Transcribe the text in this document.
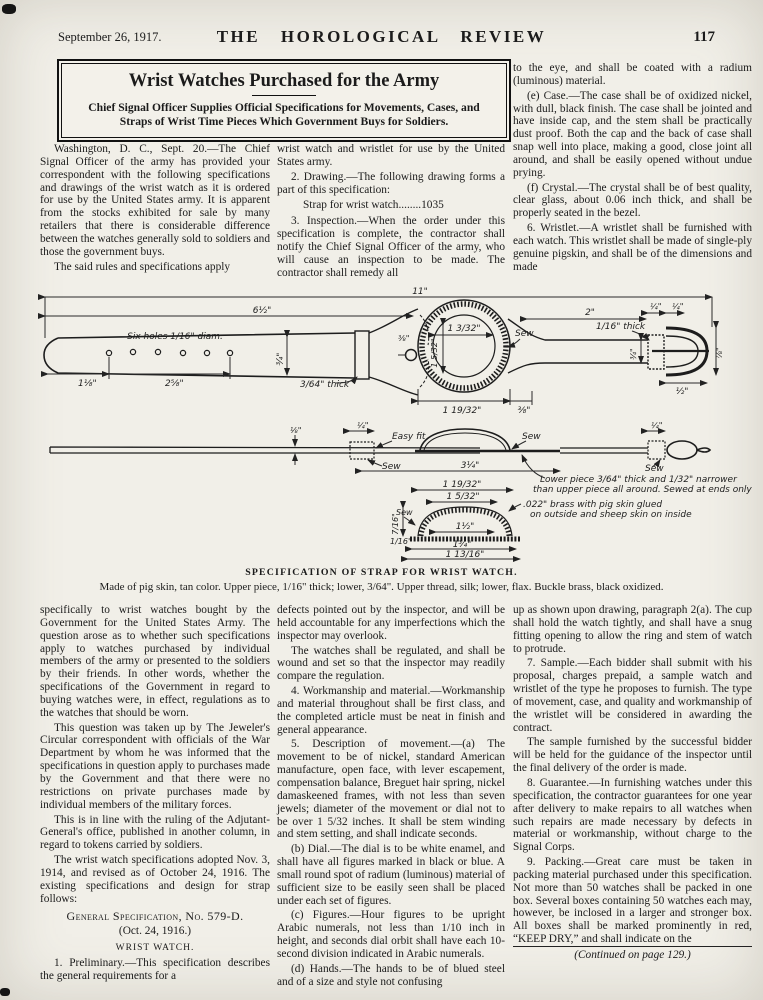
September 26, 1917.	THE HOROLOGICAL REVIEW	117
Wrist Watches Purchased for the Army
Chief Signal Officer Supplies Official Specifications for Movements, Cases, and Straps of Wrist Time Pieces Which Government Buys for Soldiers.

Washington, D. C., Sept. 20.—The Chief Signal Officer of the army has provided your correspondent with the following specifications and drawings of the wrist watch as it is ordered for use by the United States army. It is apparent from the stocks exhibited for sale by many retailers that there is considerable difference between the watches generally sold to soldiers and those the government buys.

The said rules and specifications apply

wrist watch and wristlet for use by the United States army.

2. Drawing.—The following drawing forms a part of this specification:

Strap for wrist watch........1035

3. Inspection.—When the order under this specification is complete, the contractor shall notify the Chief Signal Officer of the army, who will cause an inspection to be made. The contractor shall remedy all

to the eye, and shall be coated with a radium (luminous) material.

(e) Case.—The case shall be of oxidized nickel, with dull, black finish. The case shall be jointed and have inside cap, and the stem shall be practically dust proof. Both the cap and the back of case shall snap well into place, making a good, close joint all around, and shall be easily opened without undue prying.

(f) Crystal.—The crystal shall be of best quality, clear glass, about 0.06 inch thick, and shall be properly seated in the bezel.

6. Wristlet.—A wristlet shall be furnished with each watch. This wristlet shall be made of single-ply genuine pigskin, and shall be of the dimensions and made

11"
6½"
Six holes 1/16" diam.
1⅛"	2⅝"
¾"
3/64" thick
1 3/32"
1 5/32"
Sew
⅜"
1 19/32"	⅜"
2"
¼" ¼"
1/16" thick
¾"	⅞"
½"
⅛"
¼"
Easy fit
Sew
Sew
¼"
Sew
3¼"
Lower piece 3/64" thick and 1/32" narrower
than upper piece all around. Sewed at ends only
.022" brass with pig skin glued
on outside and sheep skin on inside
1 19/32"
1 5/32"
1½"
Sew
7/16"
1/16"	1¾"
1 13/16"
SPECIFICATION OF STRAP FOR WRIST WATCH.
Made of pig skin, tan color. Upper piece, 1/16" thick; lower, 3/64". Upper thread, silk; lower, flax. Buckle brass, black oxidized.

specifically to wrist watches bought by the Government for the United States Army. The question arose as to whether such specifications apply to watches purchased by individual members of the army or presented to the soldiers by their friends. In other words, whether the specifications of the Government in regard to buying watches were, in effect, regulations as to the watches that should be worn.

This question was taken up by The Jeweler's Circular correspondent with officials of the War Department by whom he was informed that the specifications in question apply to purchases made by the Government and that there were no restrictions on private purchases made by individual members of the military forces.

This is in line with the ruling of the Adjutant-General's office, published in another column, in regard to tokens carried by soldiers.

The wrist watch specifications adopted Nov. 3, 1914, and revised as of October 24, 1916. The existing specifications and design for strap follows:

General Specification, No. 579-D.

(Oct. 24, 1916.)

WRIST WATCH.

1. Preliminary.—This specification describes the general requirements for a

defects pointed out by the inspector, and will be held accountable for any imperfections which the inspector may overlook.

The watches shall be regulated, and shall be wound and set so that the inspector may readily compare the regulation.

4. Workmanship and material.—Workmanship and material throughout shall be first class, and the completed article must be neat in finish and general appearance.

5. Description of movement.—(a) The movement to be of nickel, standard American manufacture, open face, with lever escapement, compensation balance, Breguet hair spring, nickel damaskeened frames, with not less than seven jewels; diameter of the movement or dial not to be over 1 5/32 inches. It shall be stem winding and stem setting, and shall indicate seconds.

(b) Dial.—The dial is to be white enamel, and shall have all figures marked in black or blue. A small round spot of radium (luminous) material of sufficient size to be easily seen shall be placed under each set of figures.

(c) Figures.—Hour figures to be upright Arabic numerals, not less than 1/10 inch in height, and seconds dial orbit shall have each 10-second division indicated in Arabic numerals.

(d) Hands.—The hands to be of blued steel and of a size and style not confusing

up as shown upon drawing, paragraph 2(a). The cup shall hold the watch tightly, and shall have a snug fitting opening to allow the ring and stem of watch to protrude.

7. Sample.—Each bidder shall submit with his proposal, charges prepaid, a sample watch and wristlet of the type he proposes to furnish. The type of movement, case, and quality and workmanship of the wristlet will be considered in awarding the contract.

The sample furnished by the successful bidder will be held for the guidance of the inspector until the final delivery of the order is made.

8. Guarantee.—In furnishing watches under this specification, the contractor guarantees for one year after delivery to make repairs to all watches when such repairs are made necessary by defects in material or workmanship, without charge to the Signal Corps.

9. Packing.—Great care must be taken in packing material purchased under this specification. Not more than 50 watches shall be packed in one box. Several boxes containing 50 watches each may, however, be inclosed in a larger and stronger box. All boxes shall be marked prominently in red, “KEEP DRY,” and shall indicate on the

(Continued on page 129.)
